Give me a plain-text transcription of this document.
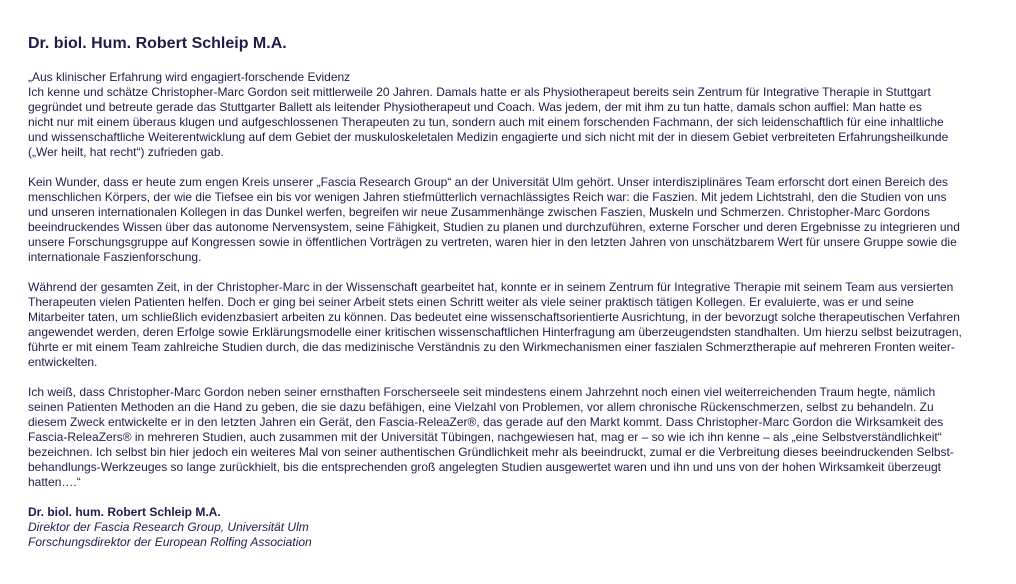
Dr. biol. Hum. Robert Schleip M.A.
„Aus klinischer Erfahrung wird engagiert-forschende Evidenz
Ich kenne und schätze Christopher-Marc Gordon seit mittlerweile 20 Jahren. Damals hatte er als Physiotherapeut bereits sein Zentrum für Integrative Therapie in Stuttgart
gegründet und betreute gerade das Stuttgarter Ballett als leitender Physiotherapeut und Coach. Was jedem, der mit ihm zu tun hatte, damals schon auffiel: Man hatte es
nicht nur mit einem überaus klugen und aufgeschlossenen Therapeuten zu tun, sondern auch mit einem forschenden Fachmann, der sich leidenschaftlich für eine inhaltliche
und wissenschaftliche Weiterentwicklung auf dem Gebiet der muskuloskeletalen Medizin engagierte und sich nicht mit der in diesem Gebiet verbreiteten Erfahrungsheilkunde
(„Wer heilt, hat recht“) zufrieden gab.
Kein Wunder, dass er heute zum engen Kreis unserer „Fascia Research Group“ an der Universität Ulm gehört. Unser interdisziplinäres Team erforscht dort einen Bereich des
menschlichen Körpers, der wie die Tiefsee ein bis vor wenigen Jahren stiefmütterlich vernachlässigtes Reich war: die Faszien. Mit jedem Lichtstrahl, den die Studien von uns
und unseren internationalen Kollegen in das Dunkel werfen, begreifen wir neue Zusammenhänge zwischen Faszien, Muskeln und Schmerzen. Christopher-Marc Gordons
beeindruckendes Wissen über das autonome Nervensystem, seine Fähigkeit, Studien zu planen und durchzuführen, externe Forscher und deren Ergebnisse zu integrieren und
unsere Forschungsgruppe auf Kongressen sowie in öffentlichen Vorträgen zu vertreten, waren hier in den letzten Jahren von unschätzbarem Wert für unsere Gruppe sowie die
internationale Faszienforschung.
Während der gesamten Zeit, in der Christopher-Marc in der Wissenschaft gearbeitet hat, konnte er in seinem Zentrum für Integrative Therapie mit seinem Team aus versierten
Therapeuten vielen Patienten helfen. Doch er ging bei seiner Arbeit stets einen Schritt weiter als viele seiner praktisch tätigen Kollegen. Er evaluierte, was er und seine
Mitarbeiter taten, um schließlich evidenzbasiert arbeiten zu können. Das bedeutet eine wissenschaftsorientierte Ausrichtung, in der bevorzugt solche therapeutischen Verfahren
angewendet werden, deren Erfolge sowie Erklärungsmodelle einer kritischen wissenschaftlichen Hinterfragung am überzeugendsten standhalten. Um hierzu selbst beizutragen,
führte er mit einem Team zahlreiche Studien durch, die das medizinische Verständnis zu den Wirkmechanismen einer faszialen Schmerztherapie auf mehreren Fronten weiter-
entwickelten.
Ich weiß, dass Christopher-Marc Gordon neben seiner ernsthaften Forscherseele seit mindestens einem Jahrzehnt noch einen viel weiterreichenden Traum hegte, nämlich
seinen Patienten Methoden an die Hand zu geben, die sie dazu befähigen, eine Vielzahl von Problemen, vor allem chronische Rückenschmerzen, selbst zu behandeln. Zu
diesem Zweck entwickelte er in den letzten Jahren ein Gerät, den Fascia-ReleaZer®, das gerade auf den Markt kommt. Dass Christopher-Marc Gordon die Wirksamkeit des
Fascia-ReleaZers® in mehreren Studien, auch zusammen mit der Universität Tübingen, nachgewiesen hat, mag er – so wie ich ihn kenne – als „eine Selbstverständlichkeit“
bezeichnen. Ich selbst bin hier jedoch ein weiteres Mal von seiner authentischen Gründlichkeit mehr als beeindruckt, zumal er die Verbreitung dieses beeindruckenden Selbst-
behandlungs-Werkzeuges so lange zurückhielt, bis die entsprechenden groß angelegten Studien ausgewertet waren und ihn und uns von der hohen Wirksamkeit überzeugt
hatten….“
Dr. biol. hum. Robert Schleip M.A.
Direktor der Fascia Research Group, Universität Ulm
Forschungsdirektor der European Rolfing Association
